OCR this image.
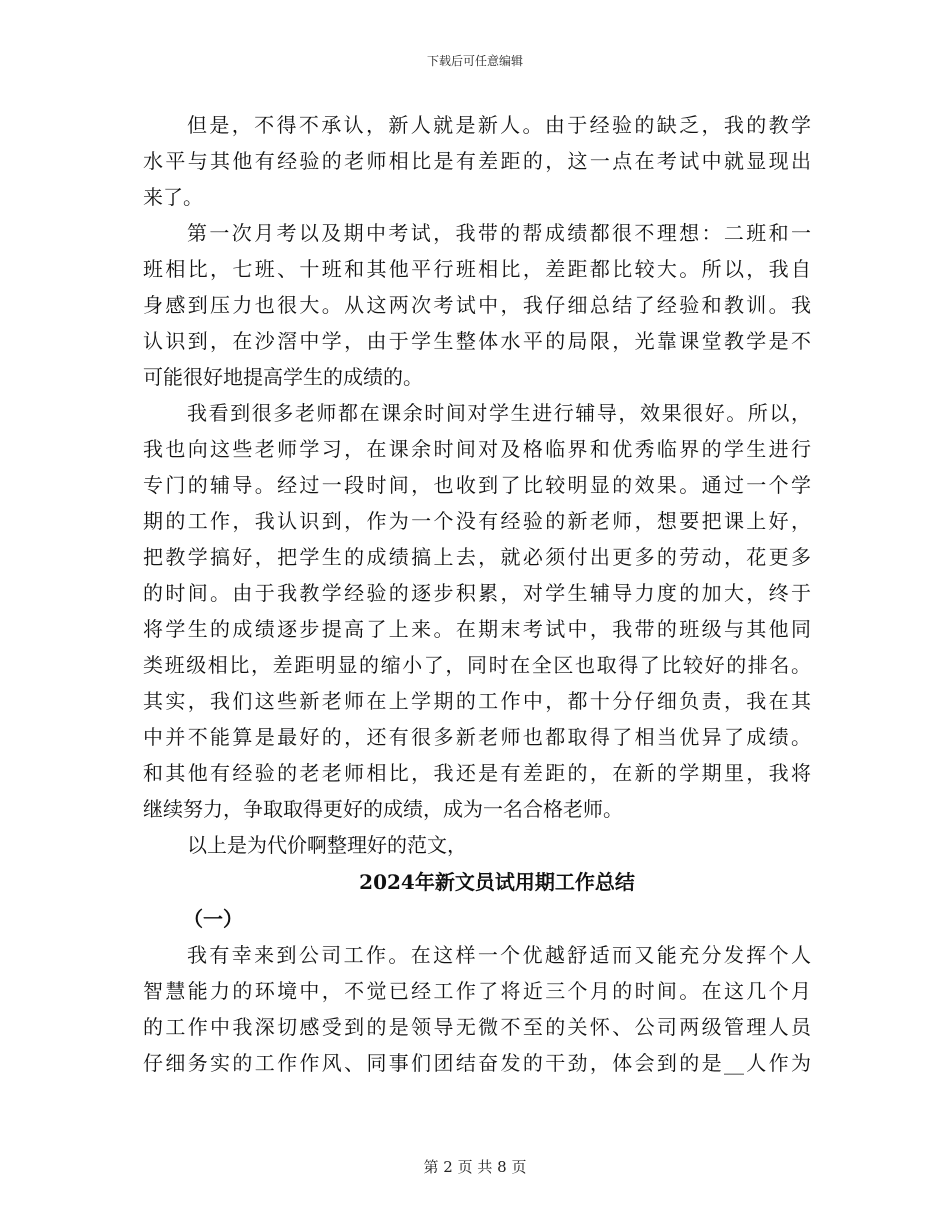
下载后可任意编辑
但是，不得不承认，新人就是新人。由于经验的缺乏，我的教学
水平与其他有经验的老师相比是有差距的，这一点在考试中就显现出
来了。
第一次月考以及期中考试，我带的帮成绩都很不理想：二班和一
班相比，七班、十班和其他平行班相比，差距都比较大。所以，我自
身感到压力也很大。从这两次考试中，我仔细总结了经验和教训。我
认识到，在沙滘中学，由于学生整体水平的局限，光靠课堂教学是不
可能很好地提高学生的成绩的。
我看到很多老师都在课余时间对学生进行辅导，效果很好。所以，
我也向这些老师学习，在课余时间对及格临界和优秀临界的学生进行
专门的辅导。经过一段时间，也收到了比较明显的效果。通过一个学
期的工作，我认识到，作为一个没有经验的新老师，想要把课上好，
把教学搞好，把学生的成绩搞上去，就必须付出更多的劳动，花更多
的时间。由于我教学经验的逐步积累，对学生辅导力度的加大，终于
将学生的成绩逐步提高了上来。在期末考试中，我带的班级与其他同
类班级相比，差距明显的缩小了，同时在全区也取得了比较好的排名。
其实，我们这些新老师在上学期的工作中，都十分仔细负责，我在其
中并不能算是最好的，还有很多新老师也都取得了相当优异了成绩。
和其他有经验的老老师相比，我还是有差距的，在新的学期里，我将
继续努力，争取取得更好的成绩，成为一名合格老师。
以上是为代价啊整理好的范文，
2024年新文员试用期工作总结
（一）
我有幸来到公司工作。在这样一个优越舒适而又能充分发挥个人
智慧能力的环境中，不觉已经工作了将近三个月的时间。在这几个月
的工作中我深切感受到的是领导无微不至的关怀、公司两级管理人员
仔细务实的工作作风、同事们团结奋发的干劲，体会到的是__人作为
第 2 页 共 8 页
